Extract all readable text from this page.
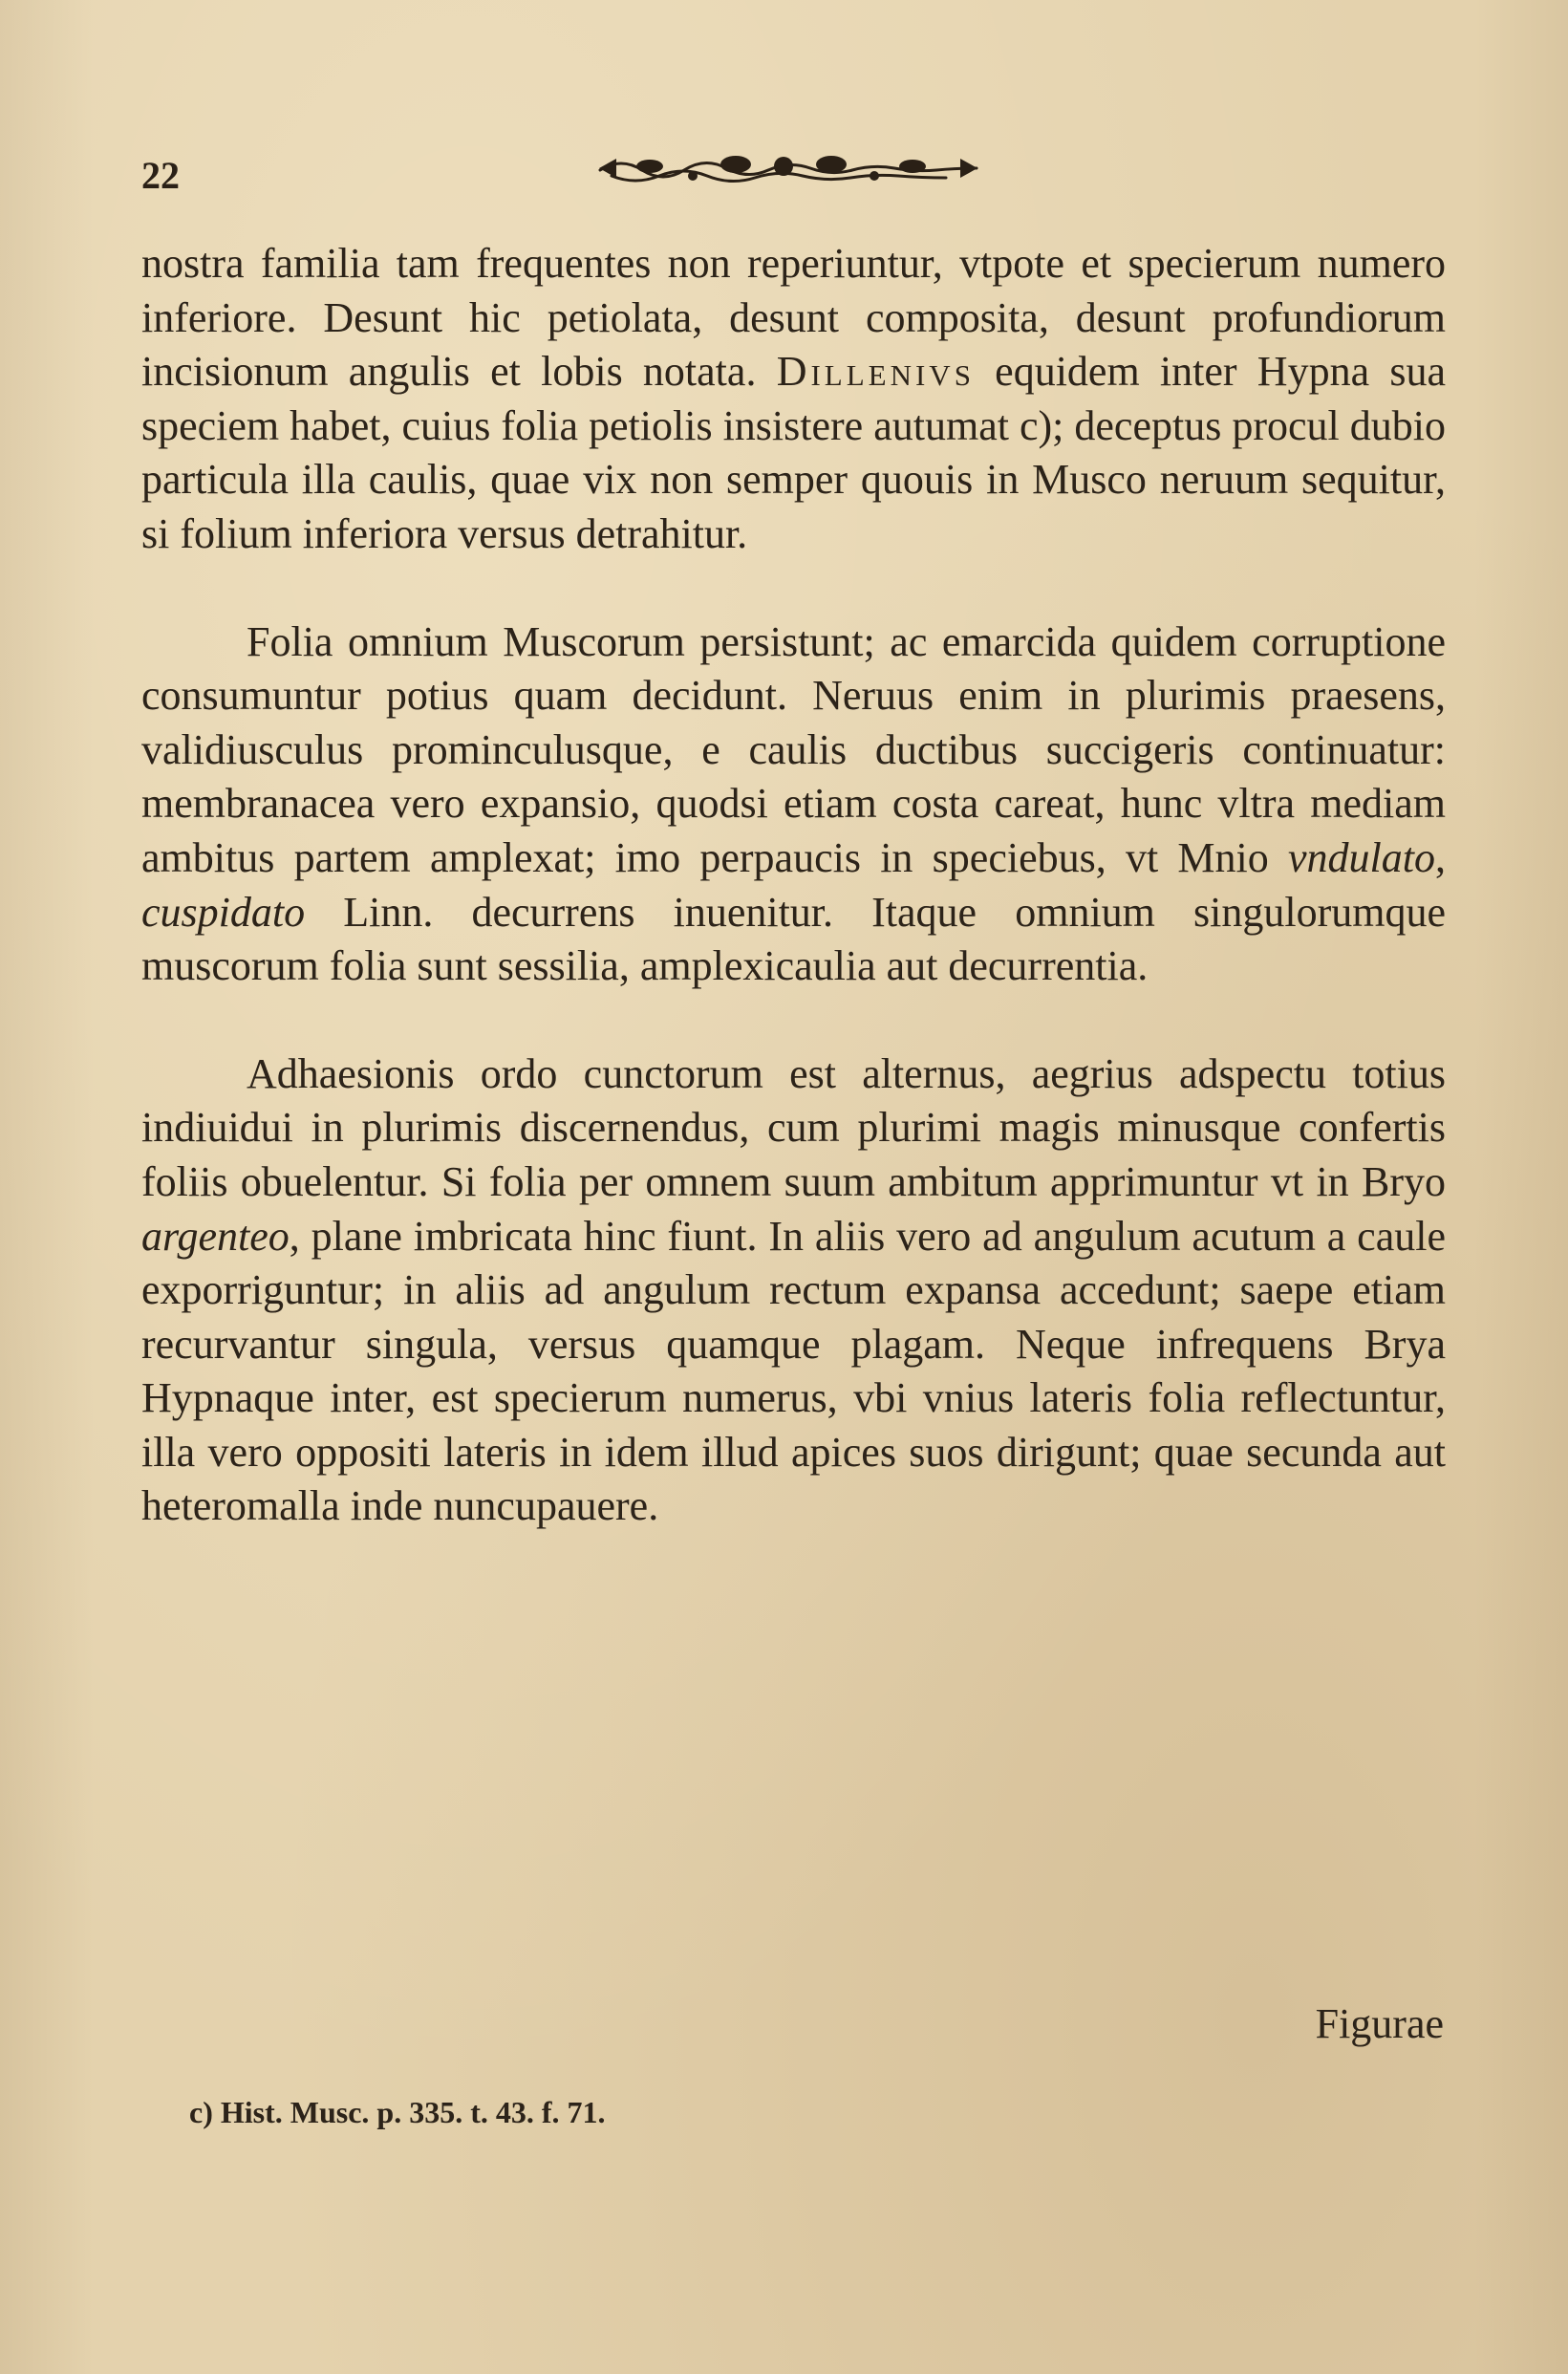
22

nostra familia tam frequentes non reperiuntur, vtpote et specierum numero inferiore. Desunt hic petiolata, desunt composita, desunt profundiorum incisionum angulis et lobis notata. Dillenivs equidem inter Hypna sua speciem habet, cuius folia petiolis insistere autumat c); deceptus procul dubio particula illa caulis, quae vix non semper quouis in Musco neruum sequitur, si folium inferiora versus detrahitur.

Folia omnium Muscorum persistunt; ac emarcida quidem corruptione consumuntur potius quam decidunt. Neruus enim in plurimis praesens, validiusculus prominculusque, e caulis ductibus succigeris continuatur: membranacea vero expansio, quodsi etiam costa careat, hunc vltra mediam ambitus partem amplexat; imo perpaucis in speciebus, vt Mnio vndulato, cuspidato Linn. decurrens inuenitur. Itaque omnium singulorumque muscorum folia sunt sessilia, amplexicaulia aut decurrentia.

Adhaesionis ordo cunctorum est alternus, aegrius adspectu totius indiuidui in plurimis discernendus, cum plurimi magis minusque confertis foliis obuelentur. Si folia per omnem suum ambitum apprimuntur vt in Bryo argenteo, plane imbricata hinc fiunt. In aliis vero ad angulum acutum a caule exporriguntur; in aliis ad angulum rectum expansa accedunt; saepe etiam recurvantur singula, versus quamque plagam. Neque infrequens Brya Hypnaque inter, est specierum numerus, vbi vnius lateris folia reflectuntur, illa vero oppositi lateris in idem illud apices suos dirigunt; quae secunda aut heteromalla inde nuncupauere.

Figurae
c) Hist. Musc. p. 335. t. 43. f. 71.
